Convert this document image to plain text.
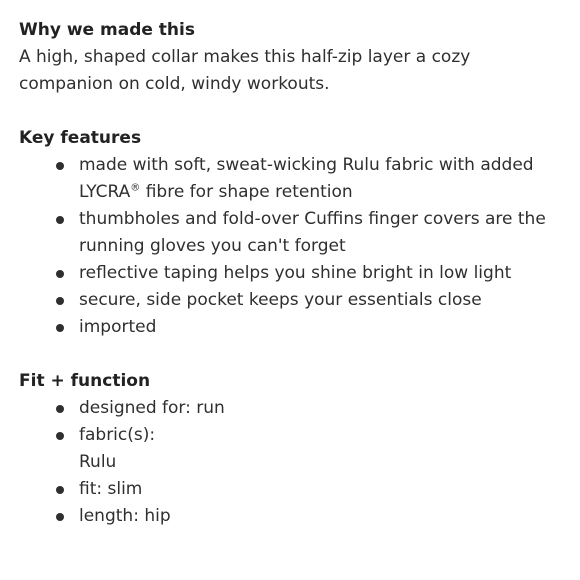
Why we made this

A high, shaped collar makes this half-zip layer a cozy
companion on cold, windy workouts.

Key features
made with soft, sweat-wicking Rulu fabric with added
LYCRA® fibre for shape retention
thumbholes and fold-over Cuffins finger covers are the
running gloves you can't forget
reflective taping helps you shine bright in low light
secure, side pocket keeps your essentials close
imported
Fit + function
designed for: run
fabric(s):
Rulu
fit: slim
length: hip
